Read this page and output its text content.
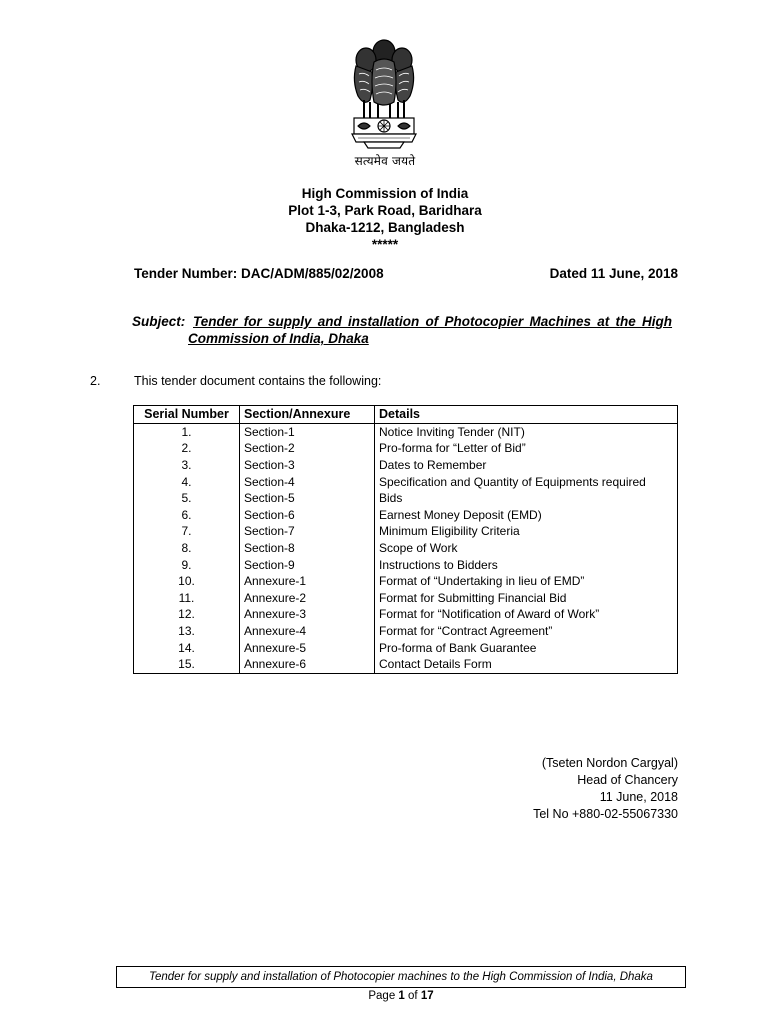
सत्यमेव जयते
High Commission of India
Plot 1-3, Park Road, Baridhara
Dhaka-1212, Bangladesh
*****
Tender Number: DAC/ADM/885/02/2008	Dated 11 June, 2018
Subject: Tender for supply and installation of Photocopier Machines at the High
Commission of India, Dhaka
2.	This tender document contains the following:
Serial Number	Section/Annexure	Details
1.	Section-1	Notice Inviting Tender (NIT)
2.	Section-2	Pro-forma for “Letter of Bid”
3.	Section-3	Dates to Remember
4.	Section-4	Specification and Quantity of Equipments required
5.	Section-5	Bids
6.	Section-6	Earnest Money Deposit (EMD)
7.	Section-7	Minimum Eligibility Criteria
8.	Section-8	Scope of Work
9.	Section-9	Instructions to Bidders
10.	Annexure-1	Format of “Undertaking in lieu of EMD”
11.	Annexure-2	Format for Submitting Financial Bid
12.	Annexure-3	Format for “Notification of Award of Work”
13.	Annexure-4	Format for “Contract Agreement”
14.	Annexure-5	Pro-forma of Bank Guarantee
15.	Annexure-6	Contact Details Form
(Tseten Nordon Cargyal)
Head of Chancery
11 June, 2018
Tel No +880-02-55067330
Tender for supply and installation of Photocopier machines to the High Commission of India, Dhaka
Page 1 of 17
